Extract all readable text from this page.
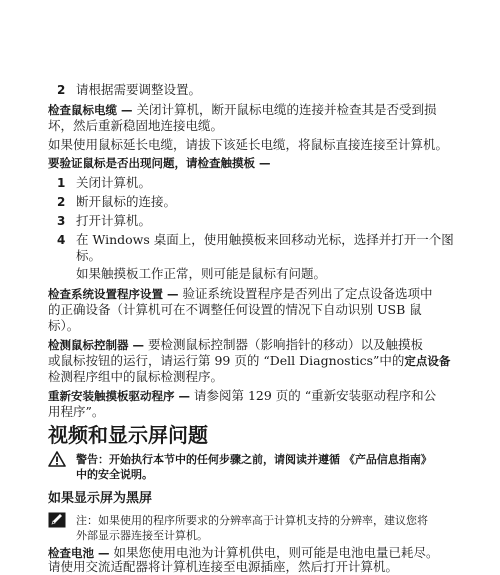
2 请根据需要调整设置。
检查鼠标电缆 — 关闭计算机，断开鼠标电缆的连接并检查其是否受到损
坏，然后重新稳固地连接电缆。
如果使用鼠标延长电缆，请拔下该延长电缆，将鼠标直接连接至计算机。
要验证鼠标是否出现问题，请检查触摸板 —
1 关闭计算机。
2 断开鼠标的连接。
3 打开计算机。
4 在 Windows 桌面上，使用触摸板来回移动光标，选择并打开一个图
标。
如果触摸板工作正常，则可能是鼠标有问题。
检查系统设置程序设置 — 验证系统设置程序是否列出了定点设备选项中
的正确设备（计算机可在不调整任何设置的情况下自动识别 USB 鼠
标）。
检测鼠标控制器 — 要检测鼠标控制器（影响指针的移动）以及触摸板
或鼠标按钮的运行，请运行第 99 页的 “Dell Diagnostics”中的定点设备
检测程序组中的鼠标检测程序。
重新安装触摸板驱动程序 — 请参阅第 129 页的 “重新安装驱动程序和公
用程序”。
视频和显示屏问题
警告：开始执行本节中的任何步骤之前，请阅读并遵循 《产品信息指南》
中的安全说明。
如果显示屏为黑屏
注：如果使用的程序所要求的分辨率高于计算机支持的分辨率，建议您将
外部显示器连接至计算机。
检查电池 — 如果您使用电池为计算机供电，则可能是电池电量已耗尽。
请使用交流适配器将计算机连接至电源插座，然后打开计算机。
